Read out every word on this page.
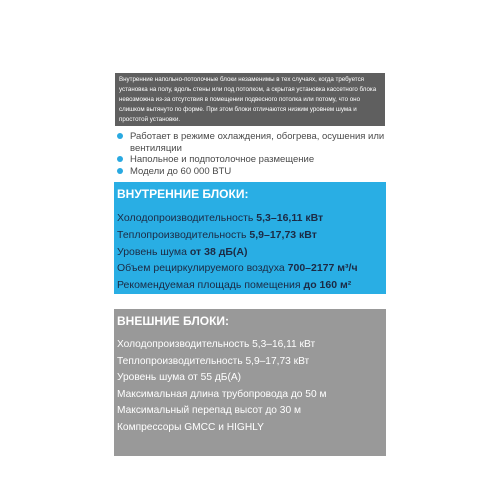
Внутренние напольно-потолочные блоки незаменимы в тех случаях, когда требуется установка на полу, вдоль стены или под потолком, а скрытая установка кассетного блока невозможна из-за отсутствия в помещении подвесного потолка или потому, что оно слишком вытянуто по форме. При этом блоки отличаются низким уровнем шума и простотой установки.
Работает в режиме охлаждения, обогрева, осушения или вентиляции
Напольное и подпотолочное размещение
Модели до 60 000 BTU
ВНУТРЕННИЕ БЛОКИ:
Холодопроизводительность 5,3–16,11 кВт
Теплопроизводительность 5,9–17,73 кВт
Уровень шума от 38 дБ(А)
Объем рециркулируемого воздуха 700–2177 м³/ч
Рекомендуемая площадь помещения до 160 м²
ВНЕШНИЕ БЛОКИ:
Холодопроизводительность 5,3–16,11 кВт
Теплопроизводительность 5,9–17,73 кВт
Уровень шума от 55 дБ(А)
Максимальная длина трубопровода до 50 м
Максимальный перепад высот до 30 м
Компрессоры GMCC и HIGHLY
